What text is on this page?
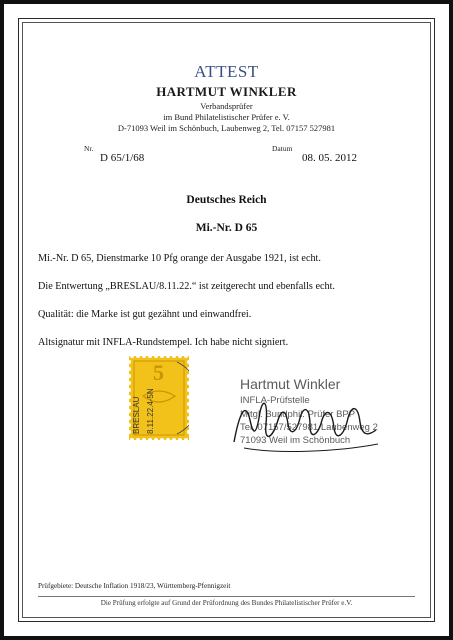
ATTEST
HARTMUT WINKLER
Verbandsprüfer
im Bund Philatelistischer Prüfer e. V.
D-71093 Weil im Schönbuch, Laubenweg 2, Tel. 07157 527981
Nr.
D 65/1/68
Datum
08. 05. 2012
Deutsches Reich
Mi.-Nr. D 65
Mi.-Nr. D 65, Dienstmarke 10 Pfg orange der Ausgabe 1921, ist echt.
Die Entwertung „BRESLAU/8.11.22.“ ist zeitgerecht und ebenfalls echt.
Qualität: die Marke ist gut gezähnt und einwandfrei.
Altsignatur mit INFLA-Rundstempel. Ich habe nicht signiert.
5
BRESLAU 8.11.22.4-5N
Hartmut Winkler
INFLA-Prüfstelle
Mitgl. Bundphil. Prüfer BPP
Tel. 07157/527981 Laubenweg 2
71093 Weil im Schönbuch
Prüfgebiete: Deutsche Inflation 1918/23, Württemberg-Pfennigzeit
Die Prüfung erfolgte auf Grund der Prüfordnung des Bundes Philatelistischer Prüfer e.V.
